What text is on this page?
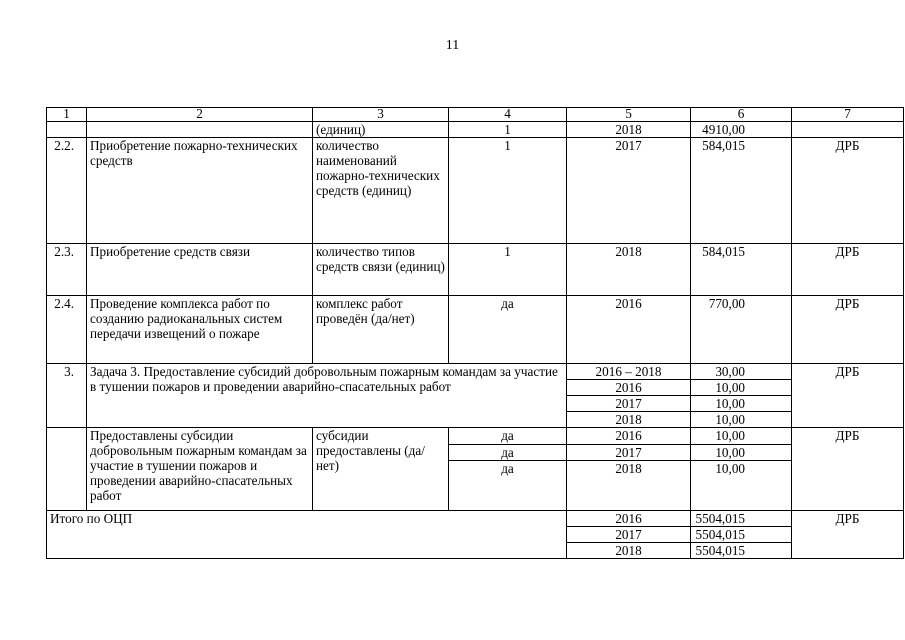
11
1	2	3	4	5	6	7
		(единиц)	1	2018	4910,00	
2.2.	Приобретение пожарно-технических средств	количество наименований пожарно-технических средств (единиц)	1	2017	584,015	ДРБ
2.3.	Приобретение средств связи	количество типов средств связи (единиц)	1	2018	584,015	ДРБ
2.4.	Проведение комплекса работ по созданию радиоканальных систем передачи извещений о пожаре	комплекс работ проведён (да/нет)	да	2016	770,00	ДРБ
3.	Задача 3. Предоставление субсидий добровольным пожарным командам за участие в тушении пожаров и проведении аварийно-спасательных работ			2016 – 2018	30,00	ДРБ
				2016	10,00	
				2017	10,00	
				2018	10,00	
	Предоставлены субсидии добровольным пожарным командам за участие в тушении пожаров и проведении аварийно-спасательных работ	субсидии предоставлены (да/нет)	да	2016	10,00	ДРБ
			да	2017	10,00	
			да	2018	10,00	
Итого по ОЦП				2016	5504,015	ДРБ
				2017	5504,015	
				2018	5504,015	
